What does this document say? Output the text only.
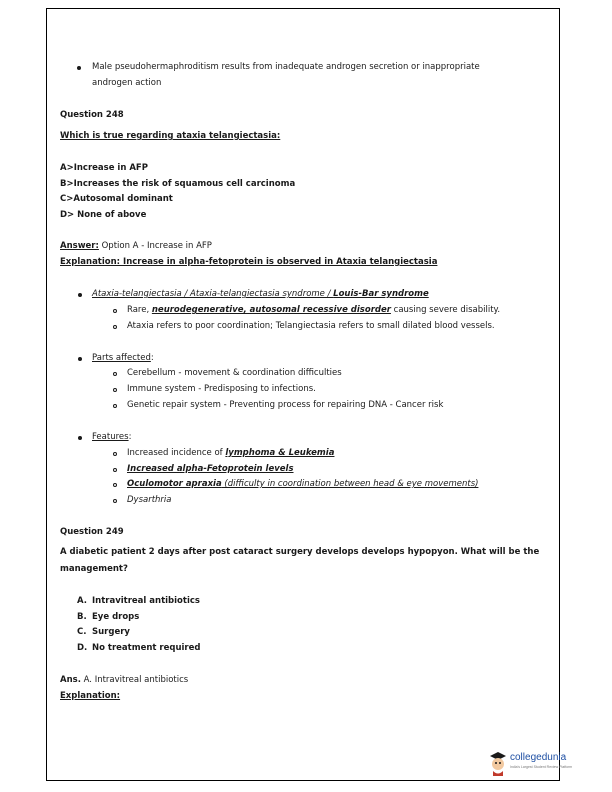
Male pseudohermaphroditism results from inadequate androgen secretion or inappropriate
androgen action
Question 248
Which is true regarding ataxia telangiectasia:
A>Increase in AFP
B>Increases the risk of squamous cell carcinoma
C>Autosomal dominant
D> None of above
Answer: Option A - Increase in AFP
Explanation: Increase in alpha-fetoprotein is observed in Ataxia telangiectasia
Ataxia-telangiectasia / Ataxia-telangiectasia syndrome / Louis-Bar syndrome
Rare, neurodegenerative, autosomal recessive disorder causing severe disability.
Ataxia refers to poor coordination; Telangiectasia refers to small dilated blood vessels.
Parts affected:
Cerebellum - movement & coordination difficulties
Immune system - Predisposing to infections.
Genetic repair system - Preventing process for repairing DNA - Cancer risk
Features:
Increased incidence of lymphoma & Leukemia
Increased alpha-Fetoprotein levels
Oculomotor apraxia (difficulty in coordination between head & eye movements)
Dysarthria
Question 249
A diabetic patient 2 days after post cataract surgery develops develops hypopyon. What will be the
management?
A. Intravitreal antibiotics
B. Eye drops
C. Surgery
D. No treatment required
Ans. A. Intravitreal antibiotics
Explanation:
collegedunia
India's Largest Student Review Platform
